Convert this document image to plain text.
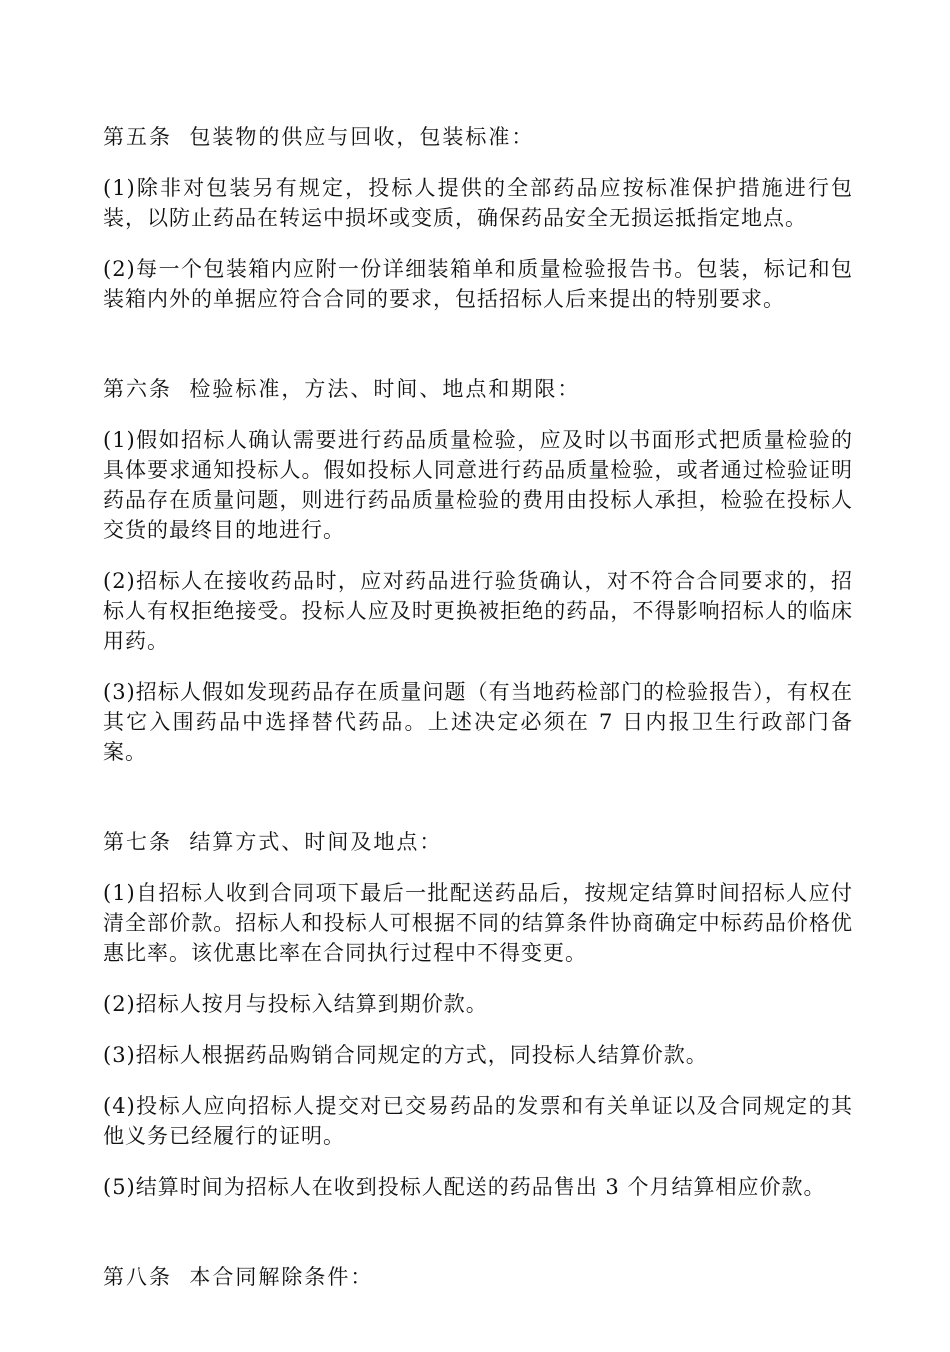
第五条  包装物的供应与回收，包装标准：
(1)除非对包装另有规定，投标人提供的全部药品应按标准保护措施进行包装，以防止药品在转运中损坏或变质，确保药品安全无损运抵指定地点。
(2)每一个包装箱内应附一份详细装箱单和质量检验报告书。包装，标记和包装箱内外的单据应符合合同的要求，包括招标人后来提出的特别要求。
第六条  检验标准，方法、时间、地点和期限：
(1)假如招标人确认需要进行药品质量检验，应及时以书面形式把质量检验的具体要求通知投标人。假如投标人同意进行药品质量检验，或者通过检验证明药品存在质量问题，则进行药品质量检验的费用由投标人承担，检验在投标人交货的最终目的地进行。
(2)招标人在接收药品时，应对药品进行验货确认，对不符合合同要求的，招标人有权拒绝接受。投标人应及时更换被拒绝的药品，不得影响招标人的临床用药。
(3)招标人假如发现药品存在质量问题（有当地药检部门的检验报告），有权在其它入围药品中选择替代药品。上述决定必须在 7 日内报卫生行政部门备案。
第七条  结算方式、时间及地点：
(1)自招标人收到合同项下最后一批配送药品后，按规定结算时间招标人应付清全部价款。招标人和投标人可根据不同的结算条件协商确定中标药品价格优惠比率。该优惠比率在合同执行过程中不得变更。
(2)招标人按月与投标入结算到期价款。
(3)招标人根据药品购销合同规定的方式，同投标人结算价款。
(4)投标人应向招标人提交对已交易药品的发票和有关单证以及合同规定的其他义务已经履行的证明。
(5)结算时间为招标人在收到投标人配送的药品售出 3 个月结算相应价款。
第八条  本合同解除条件：
